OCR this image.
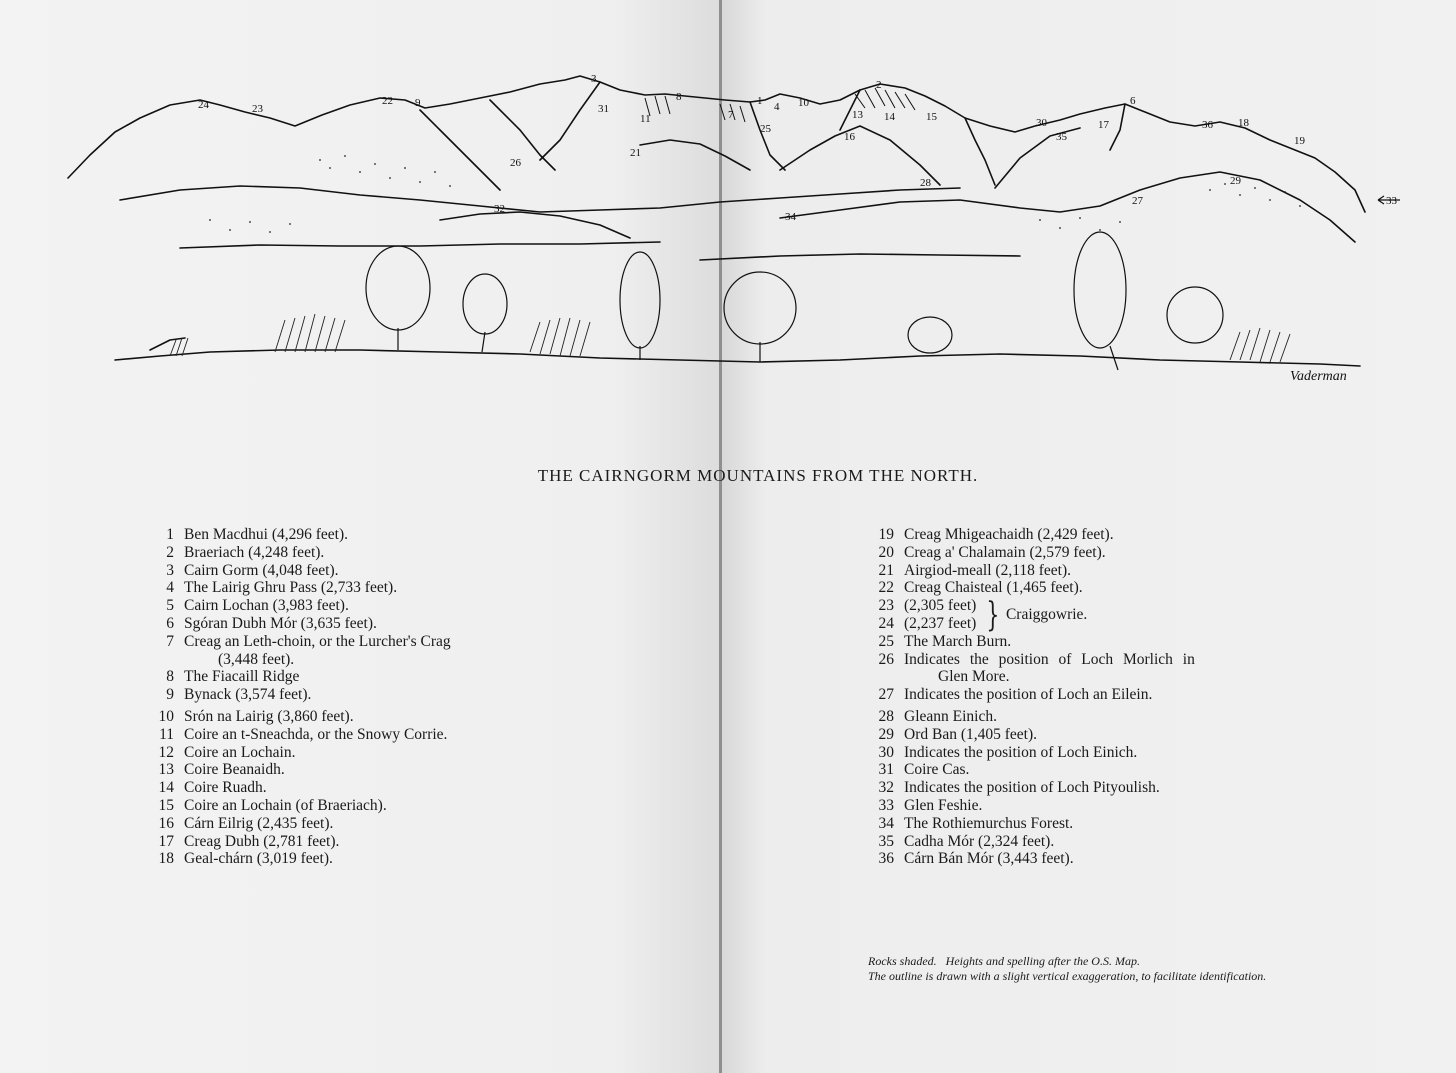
24	23
22 9
3
31
11
8
7
1
25
4 10
21
2
13 14	15
16
26
28
30
35
17
6
36 18
19
33
32
34
27
29
Vaderman
THE CAIRNGORM MOUNTAINS FROM THE NORTH.
1 Ben Macdhui (4,296 feet).
2 Braeriach (4,248 feet).
3 Cairn Gorm (4,048 feet).
4 The Lairig Ghru Pass (2,733 feet).
5 Cairn Lochan (3,983 feet).
6 Sgóran Dubh Mór (3,635 feet).
7 Creag an Leth-choin, or the Lurcher's Crag
(3,448 feet).
8 The Fiacaill Ridge
9 Bynack (3,574 feet).
10 Srón na Lairig (3,860 feet).
11 Coire an t-Sneachda, or the Snowy Corrie.
12 Coire an Lochain.
13 Coire Beanaidh.
14 Coire Ruadh.
15 Coire an Lochain (of Braeriach).
16 Cárn Eilrig (2,435 feet).
17 Creag Dubh (2,781 feet).
18 Geal-chárn (3,019 feet).
19 Creag Mhigeachaidh (2,429 feet).
20 Creag a' Chalamain (2,579 feet).
21 Airgiod-meall (2,118 feet).
22 Creag Chaisteal (1,465 feet).
23 (2,305 feet)
24 (2,237 feet) } Craiggowrie.
25 The March Burn.
26 Indicates the position of Loch Morlich in
Glen More.
27 Indicates the position of Loch an Eilein.
28 Gleann Einich.
29 Ord Ban (1,405 feet).
30 Indicates the position of Loch Einich.
31 Coire Cas.
32 Indicates the position of Loch Pityoulish.
33 Glen Feshie.
34 The Rothiemurchus Forest.
35 Cadha Mór (2,324 feet).
36 Cárn Bán Mór (3,443 feet).
Rocks shaded.   Heights and spelling after the O.S. Map.
The outline is drawn with a slight vertical exaggeration, to facilitate identification.
